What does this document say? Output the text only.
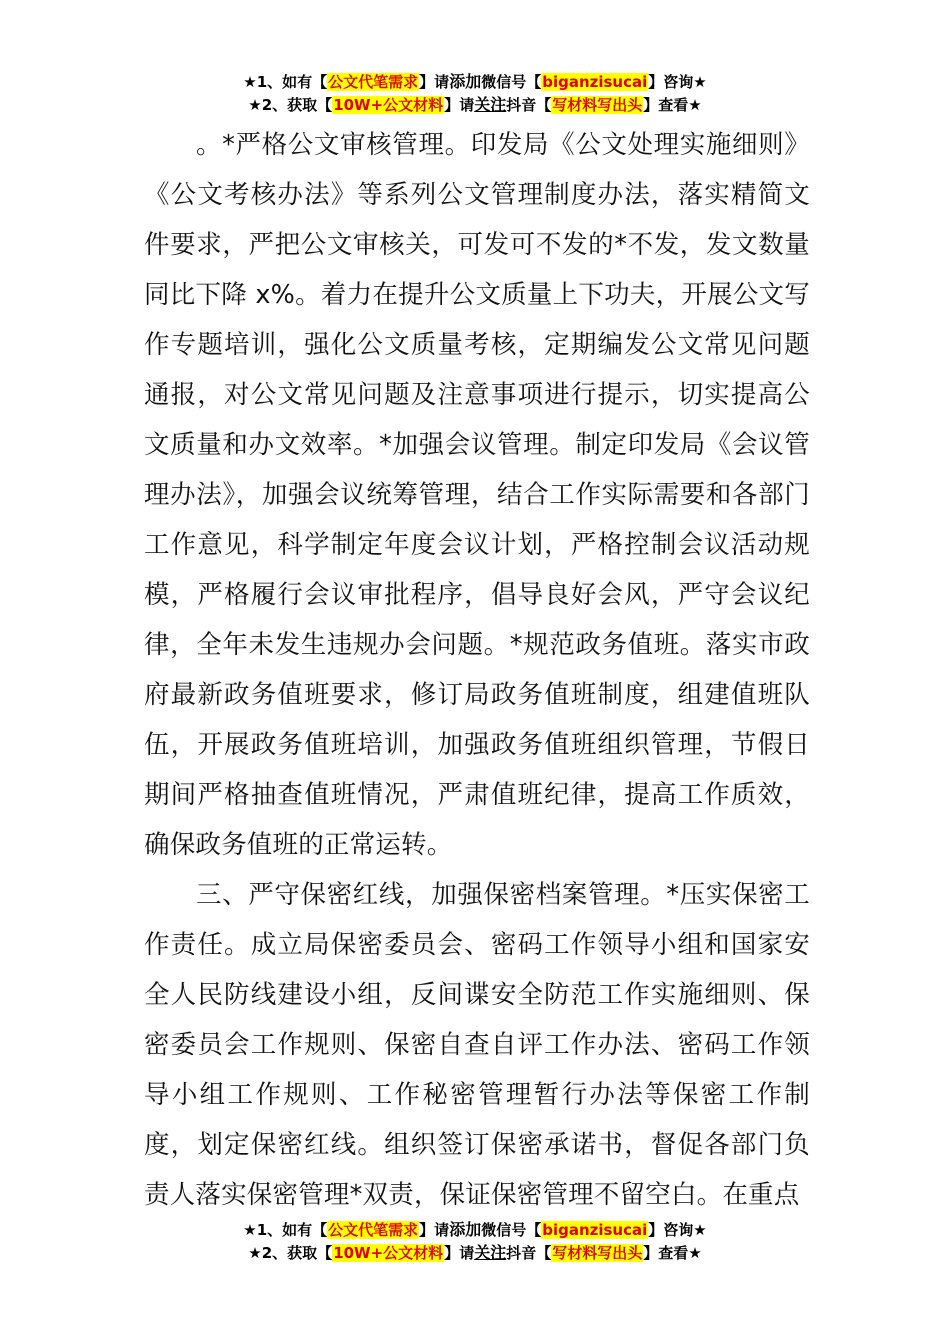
★1、如有【公文代笔需求】请添加微信号【biganzisucai】咨询★
★2、获取【10W+公文材料】请关注抖音【写材料写出头】查看★

。*严格公文审核管理。印发局《公文处理实施细则》《公文考核办法》等系列公文管理制度办法，落实精简文件要求，严把公文审核关，可发可不发的*不发，发文数量同比下降 x%。着力在提升公文质量上下功夫，开展公文写作专题培训，强化公文质量考核，定期编发公文常见问题通报，对公文常见问题及注意事项进行提示，切实提高公文质量和办文效率。*加强会议管理。制定印发局《会议管理办法》，加强会议统筹管理，结合工作实际需要和各部门工作意见，科学制定年度会议计划，严格控制会议活动规模，严格履行会议审批程序，倡导良好会风，严守会议纪律，全年未发生违规办会问题。*规范政务值班。落实市政府最新政务值班要求，修订局政务值班制度，组建值班队伍，开展政务值班培训，加强政务值班组织管理，节假日期间严格抽查值班情况，严肃值班纪律，提高工作质效，确保政务值班的正常运转。

三、严守保密红线，加强保密档案管理。*压实保密工作责任。成立局保密委员会、密码工作领导小组和国家安全人民防线建设小组，反间谍安全防范工作实施细则、保密委员会工作规则、保密自查自评工作办法、密码工作领导小组工作规则、工作秘密管理暂行办法等保密工作制度，划定保密红线。组织签订保密承诺书，督促各部门负责人落实保密管理*双责，保证保密管理不留空白。在重点

★1、如有【公文代笔需求】请添加微信号【biganzisucai】咨询★
★2、获取【10W+公文材料】请关注抖音【写材料写出头】查看★
